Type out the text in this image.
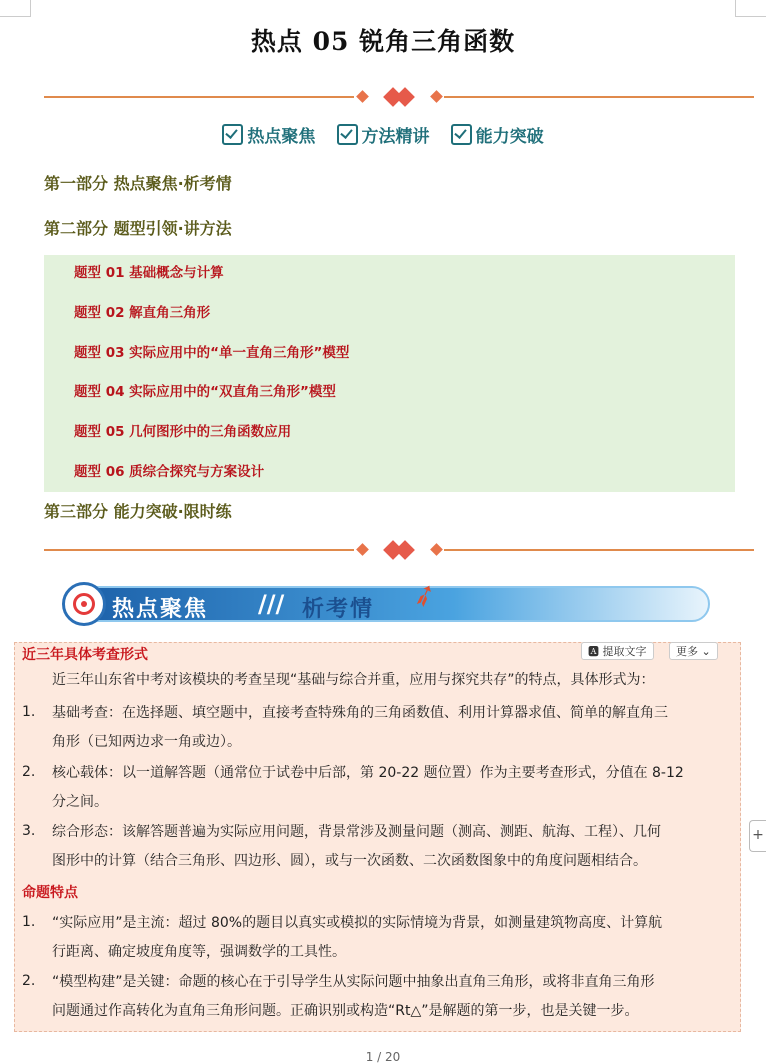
热点 05 锐角三角函数
热点聚焦	方法精讲	能力突破
第一部分 热点聚焦·析考情
第二部分 题型引领·讲方法
题型 01 基础概念与计算
题型 02 解直角三角形
题型 03 实际应用中的“单一直角三角形”模型
题型 04 实际应用中的“双直角三角形”模型
题型 05 几何图形中的三角函数应用
题型 06 质综合探究与方案设计
第三部分 能力突破·限时练
热点聚焦 /// 析考情 ➶
🅰 提取文字	更多 ⌄
近三年具体考查形式
近三年山东省中考对该模块的考查呈现“基础与综合并重，应用与探究共存”的特点，具体形式为：
1. 基础考查：在选择题、填空题中，直接考查特殊角的三角函数值、利用计算器求值、简单的解直角三
角形（已知两边求一角或边）。
2. 核心载体：以一道解答题（通常位于试卷中后部，第 20-22 题位置）作为主要考查形式，分值在 8-12
分之间。
3. 综合形态：该解答题普遍为实际应用问题，背景常涉及测量问题（测高、测距、航海、工程）、几何
图形中的计算（结合三角形、四边形、圆），或与一次函数、二次函数图象中的角度问题相结合。
命题特点
1. “实际应用”是主流：超过 80%的题目以真实或模拟的实际情境为背景，如测量建筑物高度、计算航
行距离、确定坡度角度等，强调数学的工具性。
2. “模型构建”是关键：命题的核心在于引导学生从实际问题中抽象出直角三角形，或将非直角三角形
问题通过作高转化为直角三角形问题。正确识别或构造“Rt△”是解题的第一步，也是关键一步。
+
1 / 20
